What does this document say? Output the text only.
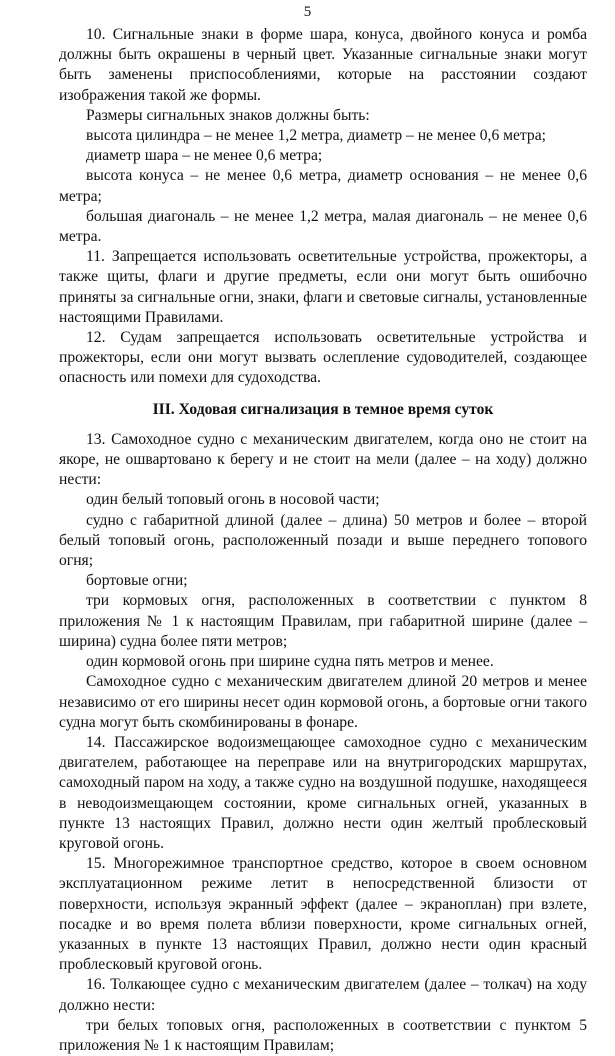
5

10. Сигнальные знаки в форме шара, конуса, двойного конуса и ромба должны быть окрашены в черный цвет. Указанные сигнальные знаки могут быть заменены приспособлениями, которые на расстоянии создают изображения такой же формы.

Размеры сигнальных знаков должны быть:

высота цилиндра – не менее 1,2 метра, диаметр – не менее 0,6 метра;

диаметр шара – не менее 0,6 метра;

высота конуса – не менее 0,6 метра, диаметр основания – не менее 0,6 метра;

большая диагональ – не менее 1,2 метра, малая диагональ – не менее 0,6 метра.

11. Запрещается использовать осветительные устройства, прожекторы, а также щиты, флаги и другие предметы, если они могут быть ошибочно приняты за сигнальные огни, знаки, флаги и световые сигналы, установленные настоящими Правилами.

12. Судам запрещается использовать осветительные устройства и прожекторы, если они могут вызвать ослепление судоводителей, создающее опасность или помехи для судоходства.

III. Ходовая сигнализация в темное время суток

13. Самоходное судно с механическим двигателем, когда оно не стоит на якоре, не ошвартовано к берегу и не стоит на мели (далее – на ходу) должно нести:

один белый топовый огонь в носовой части;

судно с габаритной длиной (далее – длина) 50 метров и более – второй белый топовый огонь, расположенный позади и выше переднего топового огня;

бортовые огни;

три кормовых огня, расположенных в соответствии с пунктом 8 приложения № 1 к настоящим Правилам, при габаритной ширине (далее – ширина) судна более пяти метров;

один кормовой огонь при ширине судна пять метров и менее.

Самоходное судно с механическим двигателем длиной 20 метров и менее независимо от его ширины несет один кормовой огонь, а бортовые огни такого судна могут быть скомбинированы в фонаре.

14. Пассажирское водоизмещающее самоходное судно с механическим двигателем, работающее на переправе или на внутригородских маршрутах, самоходный паром на ходу, а также судно на воздушной подушке, находящееся в неводоизмещающем состоянии, кроме сигнальных огней, указанных в пункте 13 настоящих Правил, должно нести один желтый проблесковый круговой огонь.

15. Многорежимное транспортное средство, которое в своем основном эксплуатационном режиме летит в непосредственной близости от поверхности, используя экранный эффект (далее – экраноплан) при взлете, посадке и во время полета вблизи поверхности, кроме сигнальных огней, указанных в пункте 13 настоящих Правил, должно нести один красный проблесковый круговой огонь.

16. Толкающее судно с механическим двигателем (далее – толкач) на ходу должно нести:

три белых топовых огня, расположенных в соответствии с пунктом 5 приложения № 1 к настоящим Правилам;
